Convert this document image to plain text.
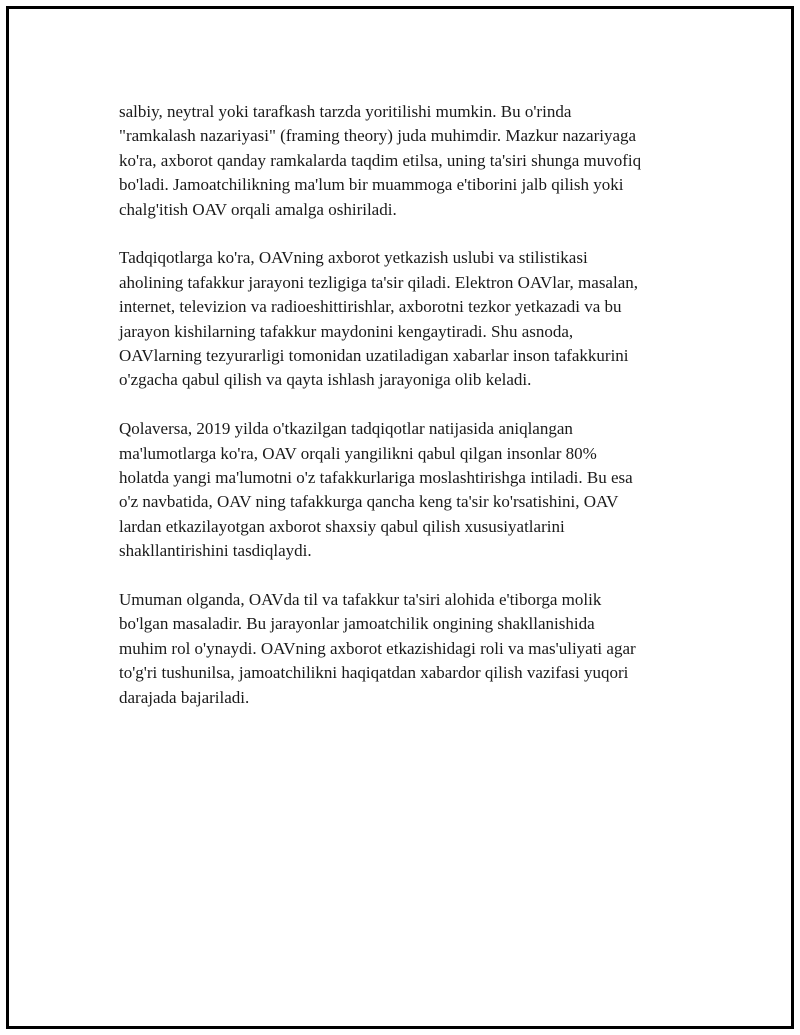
salbiy, neytral yoki tarafkash tarzda yoritilishi mumkin. Bu o'rinda
"ramkalash nazariyasi" (framing theory) juda muhimdir. Mazkur nazariyaga
ko'ra, axborot qanday ramkalarda taqdim etilsa, uning ta'siri shunga muvofiq
bo'ladi. Jamoatchilikning ma'lum bir muammoga e'tiborini jalb qilish yoki
chalg'itish OAV orqali amalga oshiriladi.

Tadqiqotlarga ko'ra, OAVning axborot yetkazish uslubi va stilistikasi
aholining tafakkur jarayoni tezligiga ta'sir qiladi. Elektron OAVlar, masalan,
internet, televizion va radioeshittirishlar, axborotni tezkor yetkazadi va bu
jarayon kishilarning tafakkur maydonini kengaytiradi. Shu asnoda,
OAVlarning tezyurarligi tomonidan uzatiladigan xabarlar inson tafakkurini
o'zgacha qabul qilish va qayta ishlash jarayoniga olib keladi.

Qolaversa, 2019 yilda o'tkazilgan tadqiqotlar natijasida aniqlangan
ma'lumotlarga ko'ra, OAV orqali yangilikni qabul qilgan insonlar 80%
holatda yangi ma'lumotni o'z tafakkurlariga moslashtirishga intiladi. Bu esa
o'z navbatida, OAV ning tafakkurga qancha keng ta'sir ko'rsatishini, OAV
lardan etkazilayotgan axborot shaxsiy qabul qilish xususiyatlarini
shakllantirishini tasdiqlaydi.

Umuman olganda, OAVda til va tafakkur ta'siri alohida e'tiborga molik
bo'lgan masaladir. Bu jarayonlar jamoatchilik ongining shakllanishida
muhim rol o'ynaydi. OAVning axborot etkazishidagi roli va mas'uliyati agar
to'g'ri tushunilsa, jamoatchilikni haqiqatdan xabardor qilish vazifasi yuqori
darajada bajariladi.
